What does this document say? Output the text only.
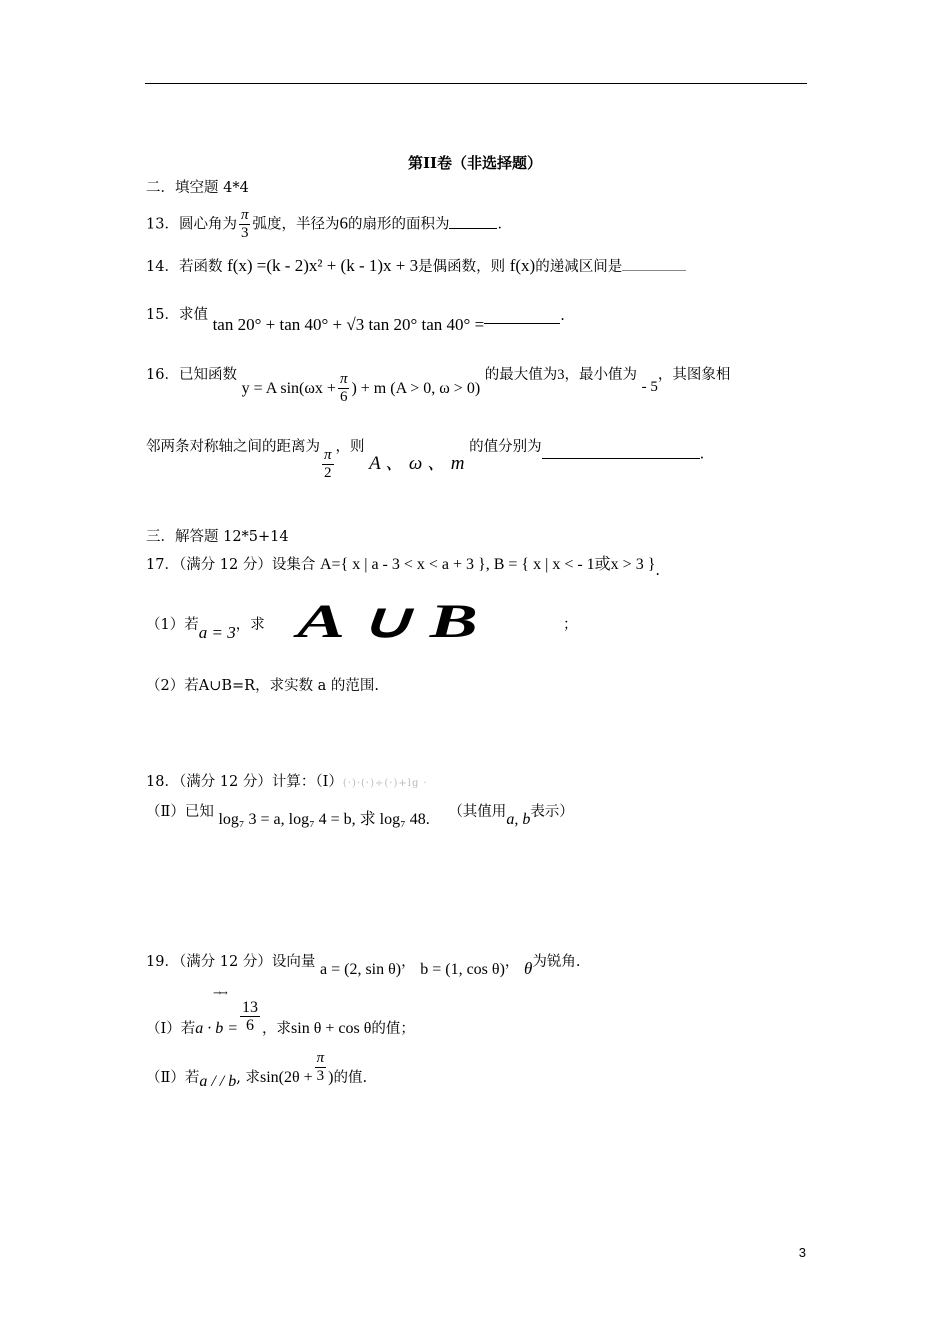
第II卷（非选择题）
二．填空题 4*4
13．圆心角为 $\frac{\pi}{3}$ 弧度，半径为6的扇形的面积为	．
14．若函数 f(x) =(k - 2)x² + (k - 1)x + 3是偶函数，则 f(x)的递减区间是
15．求值 tan 20° + tan 40° + √3 tan 20° tan 40° =	.
16．已知函数 y = A $\sin(\omega x + \frac{\pi}{6}$ ) + m (A > 0, ω > 0) 的最大值为3，最小值为 - 5，其图象相
邻两条对称轴之间的距离为 $\frac{\pi}{2}$ ，则 A 、 ω 、 m 的值分别为	.
三．解答题 12*5+14
17．（满分 12 分）设集合 A={ x | a - 3 < x < a + 3 }, B = { x | x < - 1或x > 3 }.
（1）若a = 3，求 A ∪ B	；
（2）若A∪B=R，求实数 a 的范围.
18．（满分 12 分）计算：（Ⅰ）(·)·(·)÷(·)+lg ·
（Ⅱ）已知 log₇ 3 = a, log₇ 4 = b, 求 log₇ 48. （其值用a, b表示）
19．（满分 12 分）设向量 a = (2, sin θ)， b = (1, cos θ)， θ为锐角.
→→
（Ⅰ）若$a \cdot b = \frac{13}{6}$ ，求sin θ + cos θ的值；
（Ⅱ）若a / / b, 求$\sin(2\theta + \frac{\pi}{3}$ )的值.
3
